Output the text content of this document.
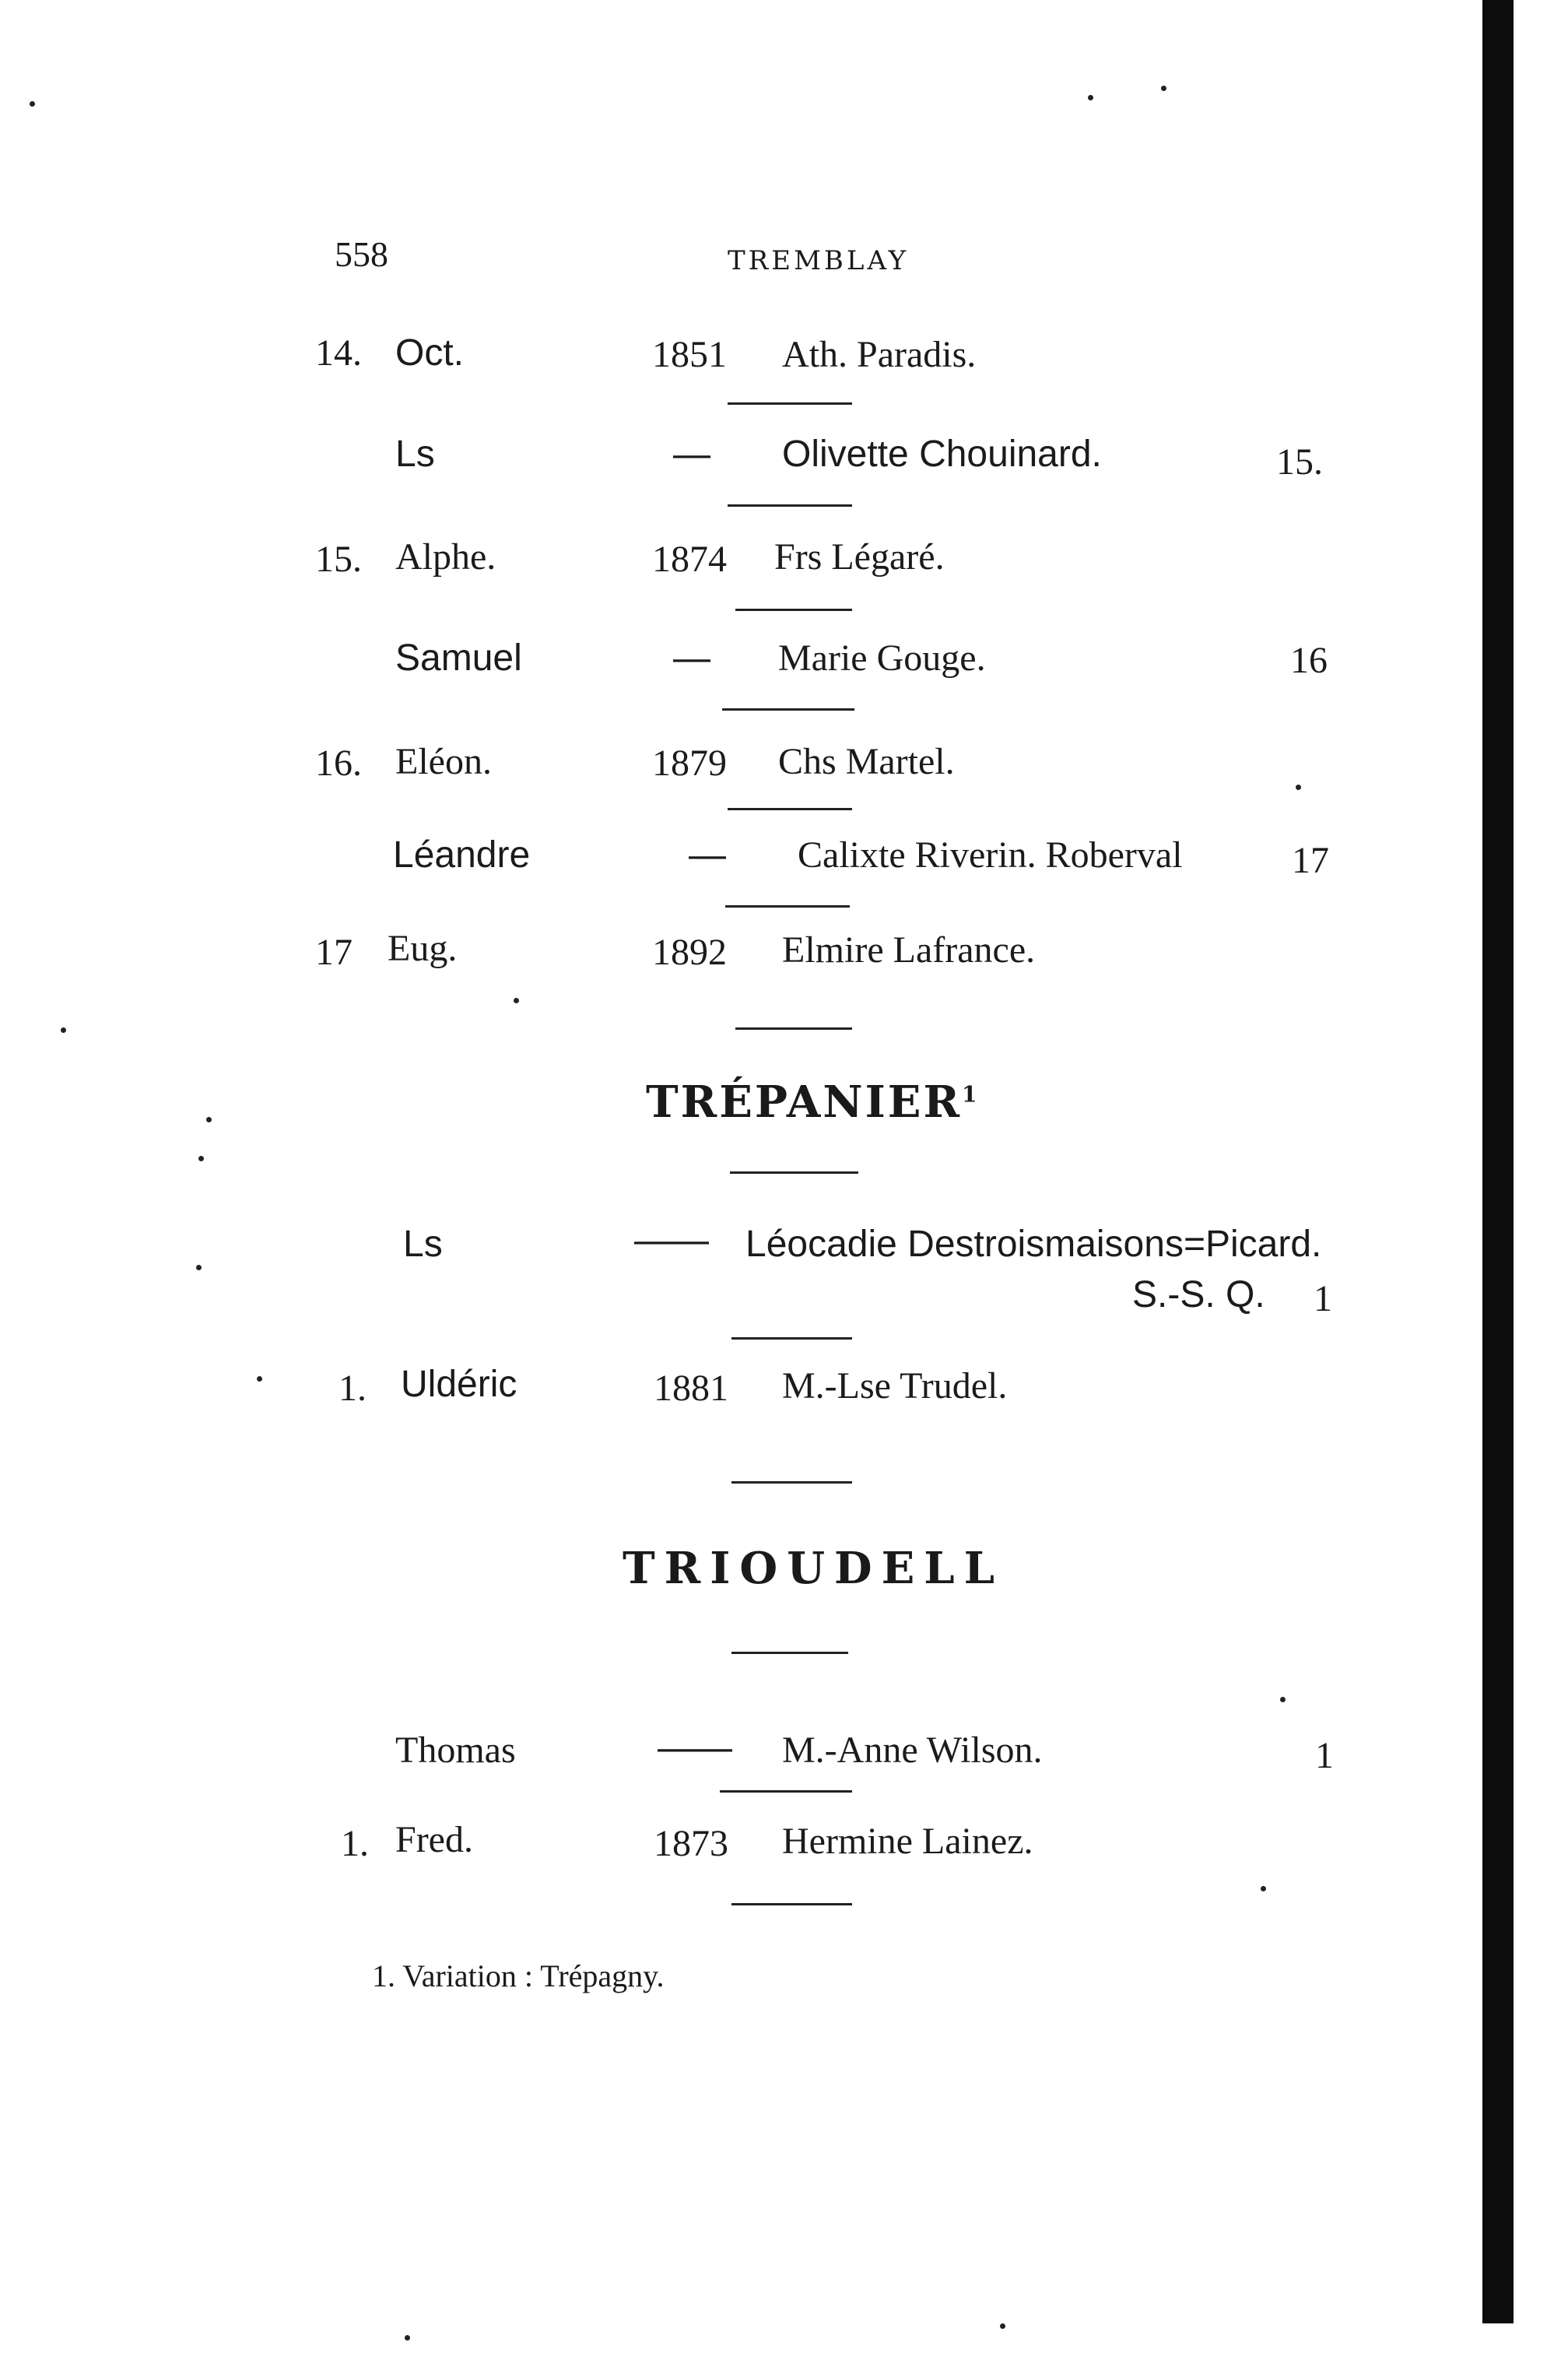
558	TREMBLAY
14. Oct.	1851 Ath. Paradis.
Ls	— Olivette Chouinard.	15.
15. Alphe.	1874 Frs Légaré.
Samuel	— Marie Gouge.	16
16. Eléon.	1879 Chs Martel.
Léandre	— Calixte Riverin. Roberval	17
17 Eug.	1892 Elmire Lafrance.
TRÉPANIER$^1$
Ls	—— Léocadie Destroismaisons=Picard.
S.-S. Q. 1
1. Uldéric	1881 M.-Lse Trudel.
TRIOUDELL
Thomas	—— M.-Anne Wilson.	1
1. Fred.	1873 Hermine Lainez.
1. Variation : Trépagny.
